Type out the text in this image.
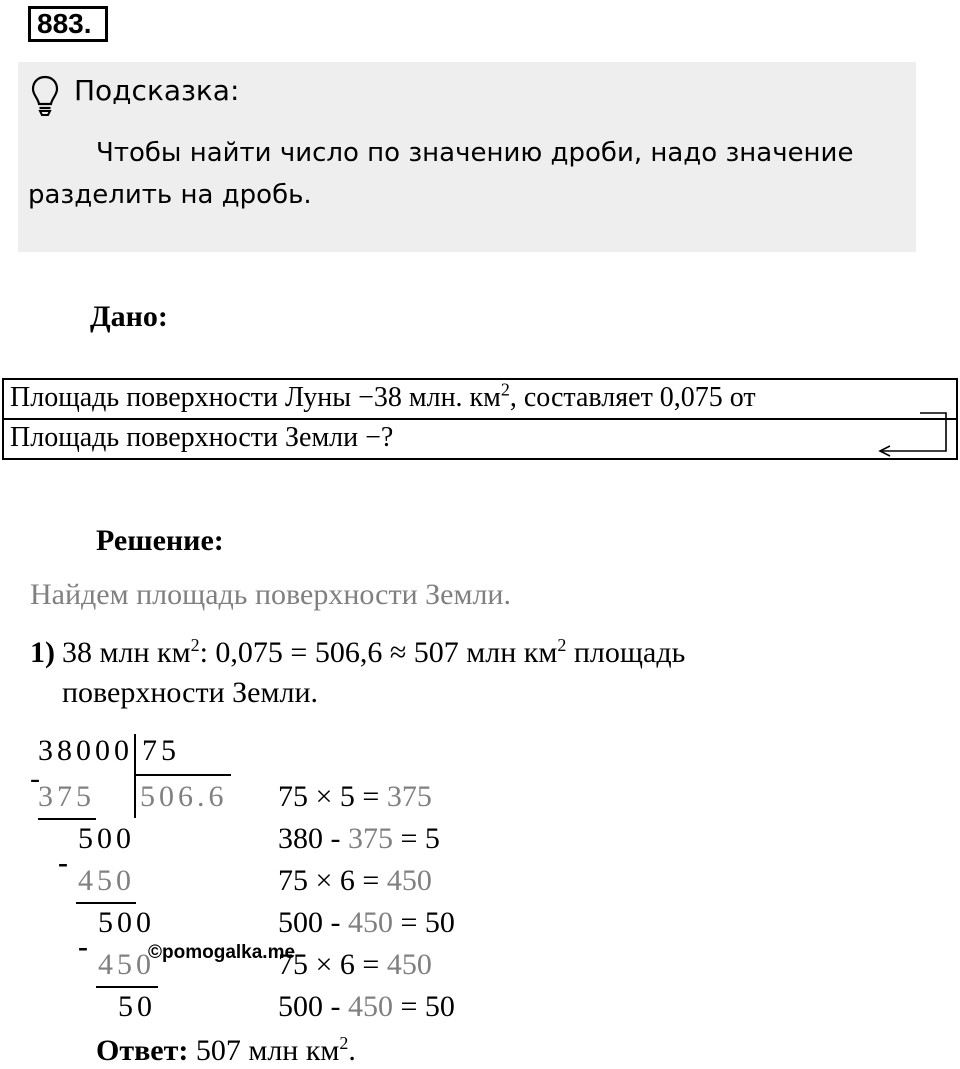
883.
Подсказка:
Чтобы найти число по значению дроби, надо значение разделить на дробь.
Дано:
Площадь поверхности Луны −38 млн. $км^2$, составляет 0,075 от
Площадь поверхности Земли −?
Решение:
Найдем площадь поверхности Земли.
1) 38 млн $км^2$: 0,075 = 506,6 ≈ 507 млн $км^2$ площадь
поверхности Земли.
38000 75
506.6
-
375
500
-
450
500
-
450
50
75 × 5 = 375
380 - 375 = 5
75 × 6 = 450
500 - 450 = 50
75 × 6 = 450
500 - 450 = 50
©pomogalka.me
Ответ: 507 млн $км^2$.
